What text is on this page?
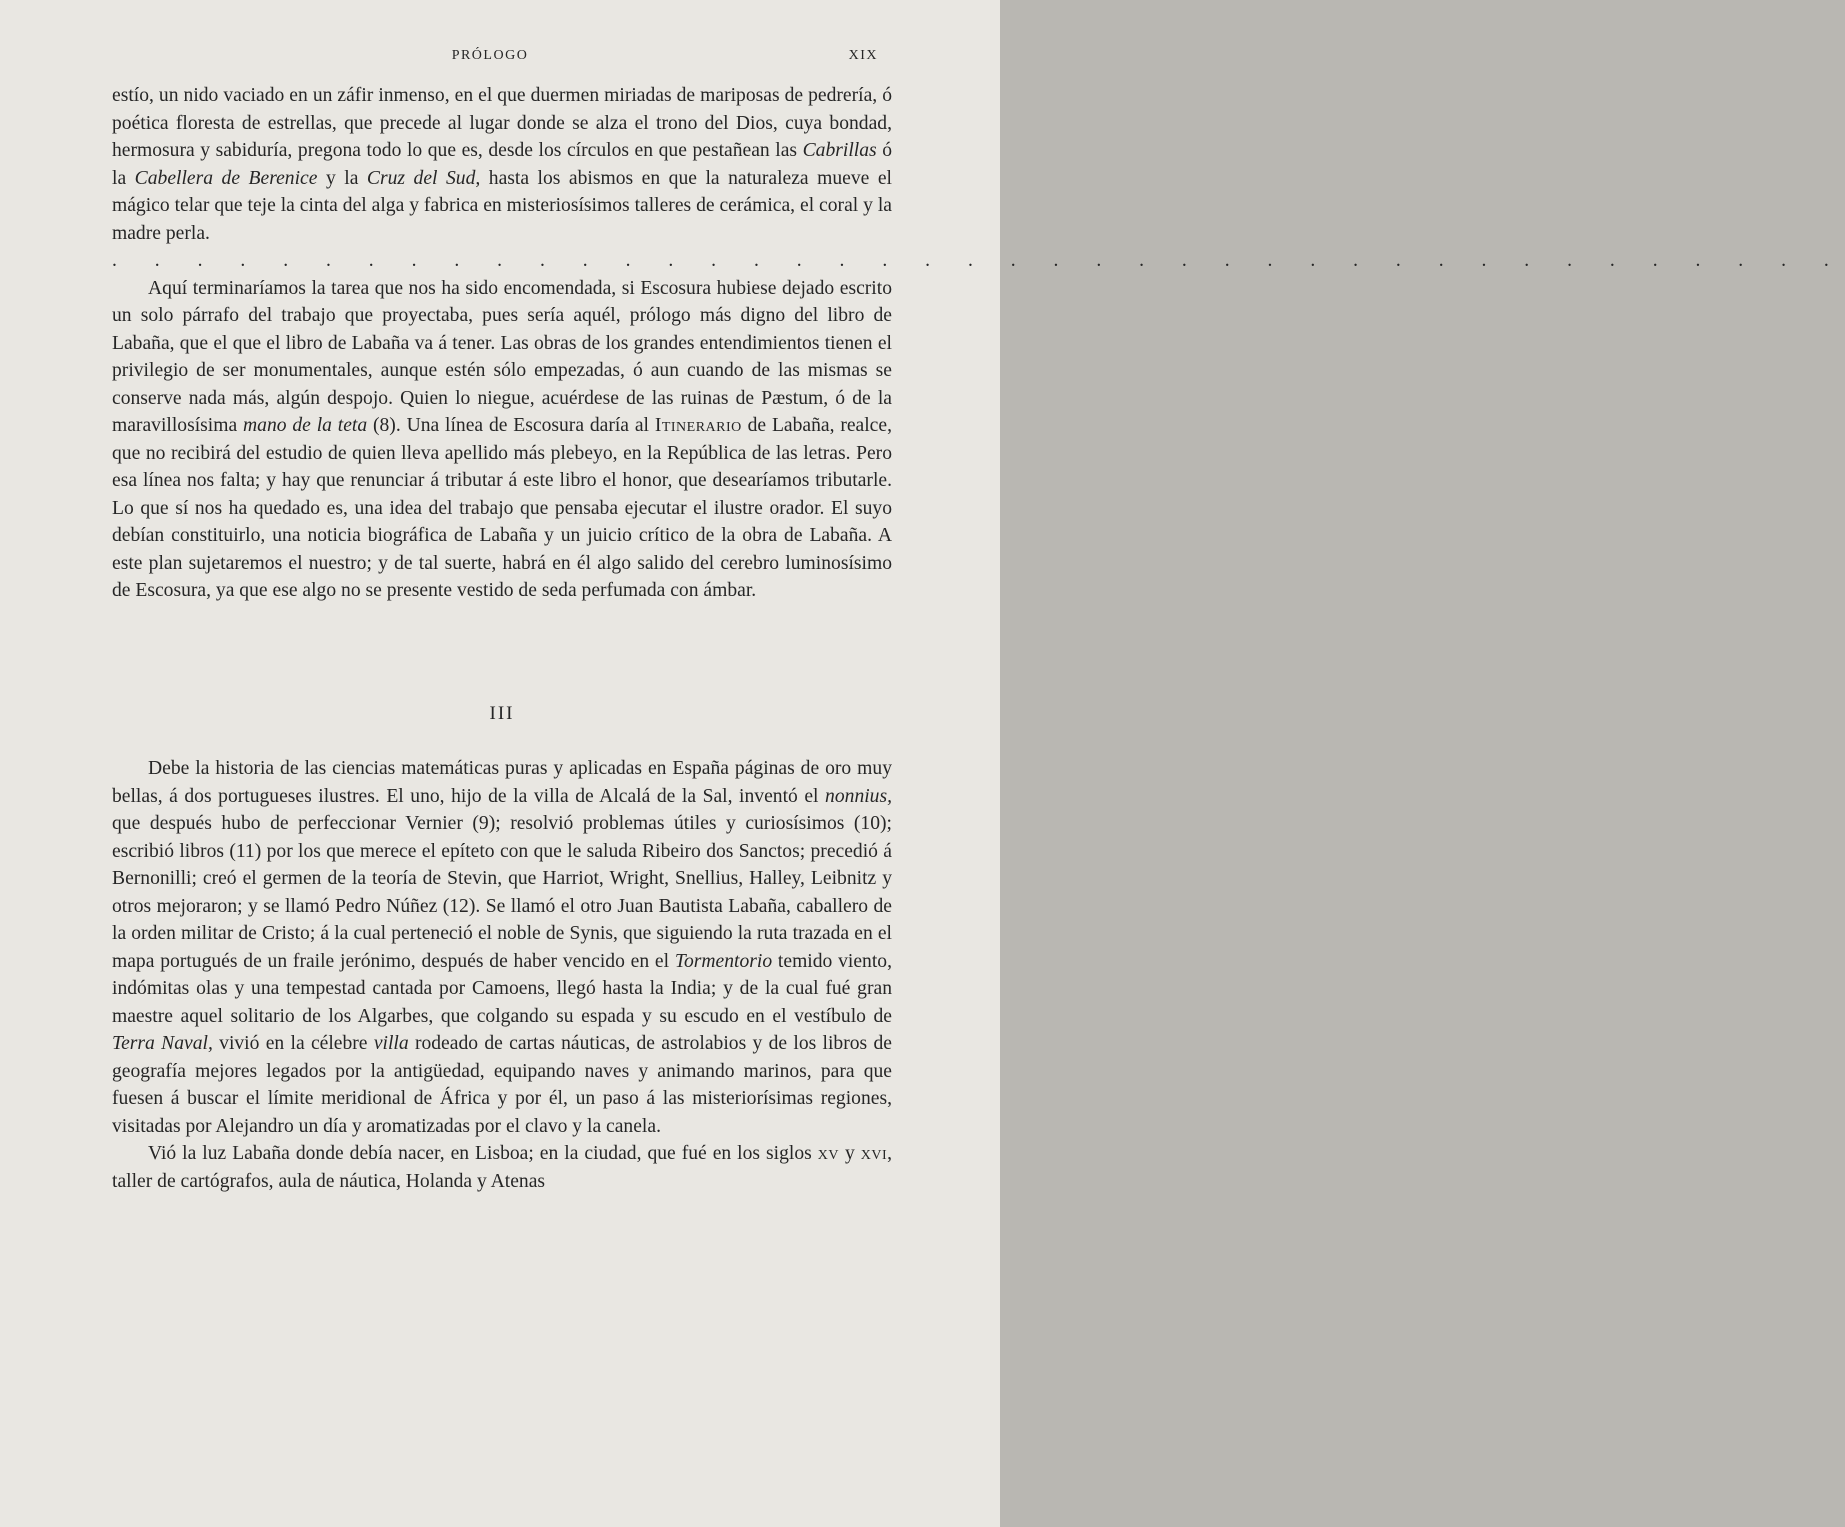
PRÓLOGO	XIX

estío, un nido vaciado en un záfir inmenso, en el que duermen miriadas de mariposas de pedrería, ó poética floresta de estrellas, que precede al lugar donde se alza el trono del Dios, cuya bondad, hermosura y sabiduría, pregona todo lo que es, desde los círculos en que pestañean las Cabrillas ó la Cabellera de Berenice y la Cruz del Sud, hasta los abismos en que la naturaleza mueve el mágico telar que teje la cinta del alga y fabrica en misteriosísimos talleres de cerámica, el coral y la madre perla.

. . . . . . . . . . . . . . . . . . . . . . . . . . . . . . . . . . . . . . . . .

Aquí terminaríamos la tarea que nos ha sido encomendada, si Escosura hubiese dejado escrito un solo párrafo del trabajo que proyectaba, pues sería aquél, prólogo más digno del libro de Labaña, que el que el libro de Labaña va á tener. Las obras de los grandes entendimientos tienen el privilegio de ser monumentales, aunque estén sólo empezadas, ó aun cuando de las mismas se conserve nada más, algún despojo. Quien lo niegue, acuérdese de las ruinas de Pæstum, ó de la maravillosísima mano de la teta (8). Una línea de Escosura daría al Itinerario de Labaña, realce, que no recibirá del estudio de quien lleva apellido más plebeyo, en la República de las letras. Pero esa línea nos falta; y hay que renunciar á tributar á este libro el honor, que desearíamos tributarle. Lo que sí nos ha quedado es, una idea del trabajo que pensaba ejecutar el ilustre orador. El suyo debían constituirlo, una noticia biográfica de Labaña y un juicio crítico de la obra de Labaña. A este plan sujetaremos el nuestro; y de tal suerte, habrá en él algo salido del cerebro luminosísimo de Escosura, ya que ese algo no se presente vestido de seda perfumada con ámbar.

III

Debe la historia de las ciencias matemáticas puras y aplicadas en España páginas de oro muy bellas, á dos portugueses ilustres. El uno, hijo de la villa de Alcalá de la Sal, inventó el nonnius, que después hubo de perfeccionar Vernier (9); resolvió problemas útiles y curiosísimos (10); escribió libros (11) por los que merece el epíteto con que le saluda Ribeiro dos Sanctos; precedió á Bernonilli; creó el germen de la teoría de Stevin, que Harriot, Wright, Snellius, Halley, Leibnitz y otros mejoraron; y se llamó Pedro Núñez (12). Se llamó el otro Juan Bautista Labaña, caballero de la orden militar de Cristo; á la cual perteneció el noble de Synis, que siguiendo la ruta trazada en el mapa portugués de un fraile jerónimo, después de haber vencido en el Tormentorio temido viento, indómitas olas y una tempestad cantada por Camoens, llegó hasta la India; y de la cual fué gran maestre aquel solitario de los Algarbes, que colgando su espada y su escudo en el vestíbulo de Terra Naval, vivió en la célebre villa rodeado de cartas náuticas, de astrolabios y de los libros de geografía mejores legados por la antigüedad, equipando naves y animando marinos, para que fuesen á buscar el límite meridional de África y por él, un paso á las misteriorísimas regiones, visitadas por Alejandro un día y aromatizadas por el clavo y la canela.

Vió la luz Labaña donde debía nacer, en Lisboa; en la ciudad, que fué en los siglos xv y xvi, taller de cartógrafos, aula de náutica, Holanda y Atenas
